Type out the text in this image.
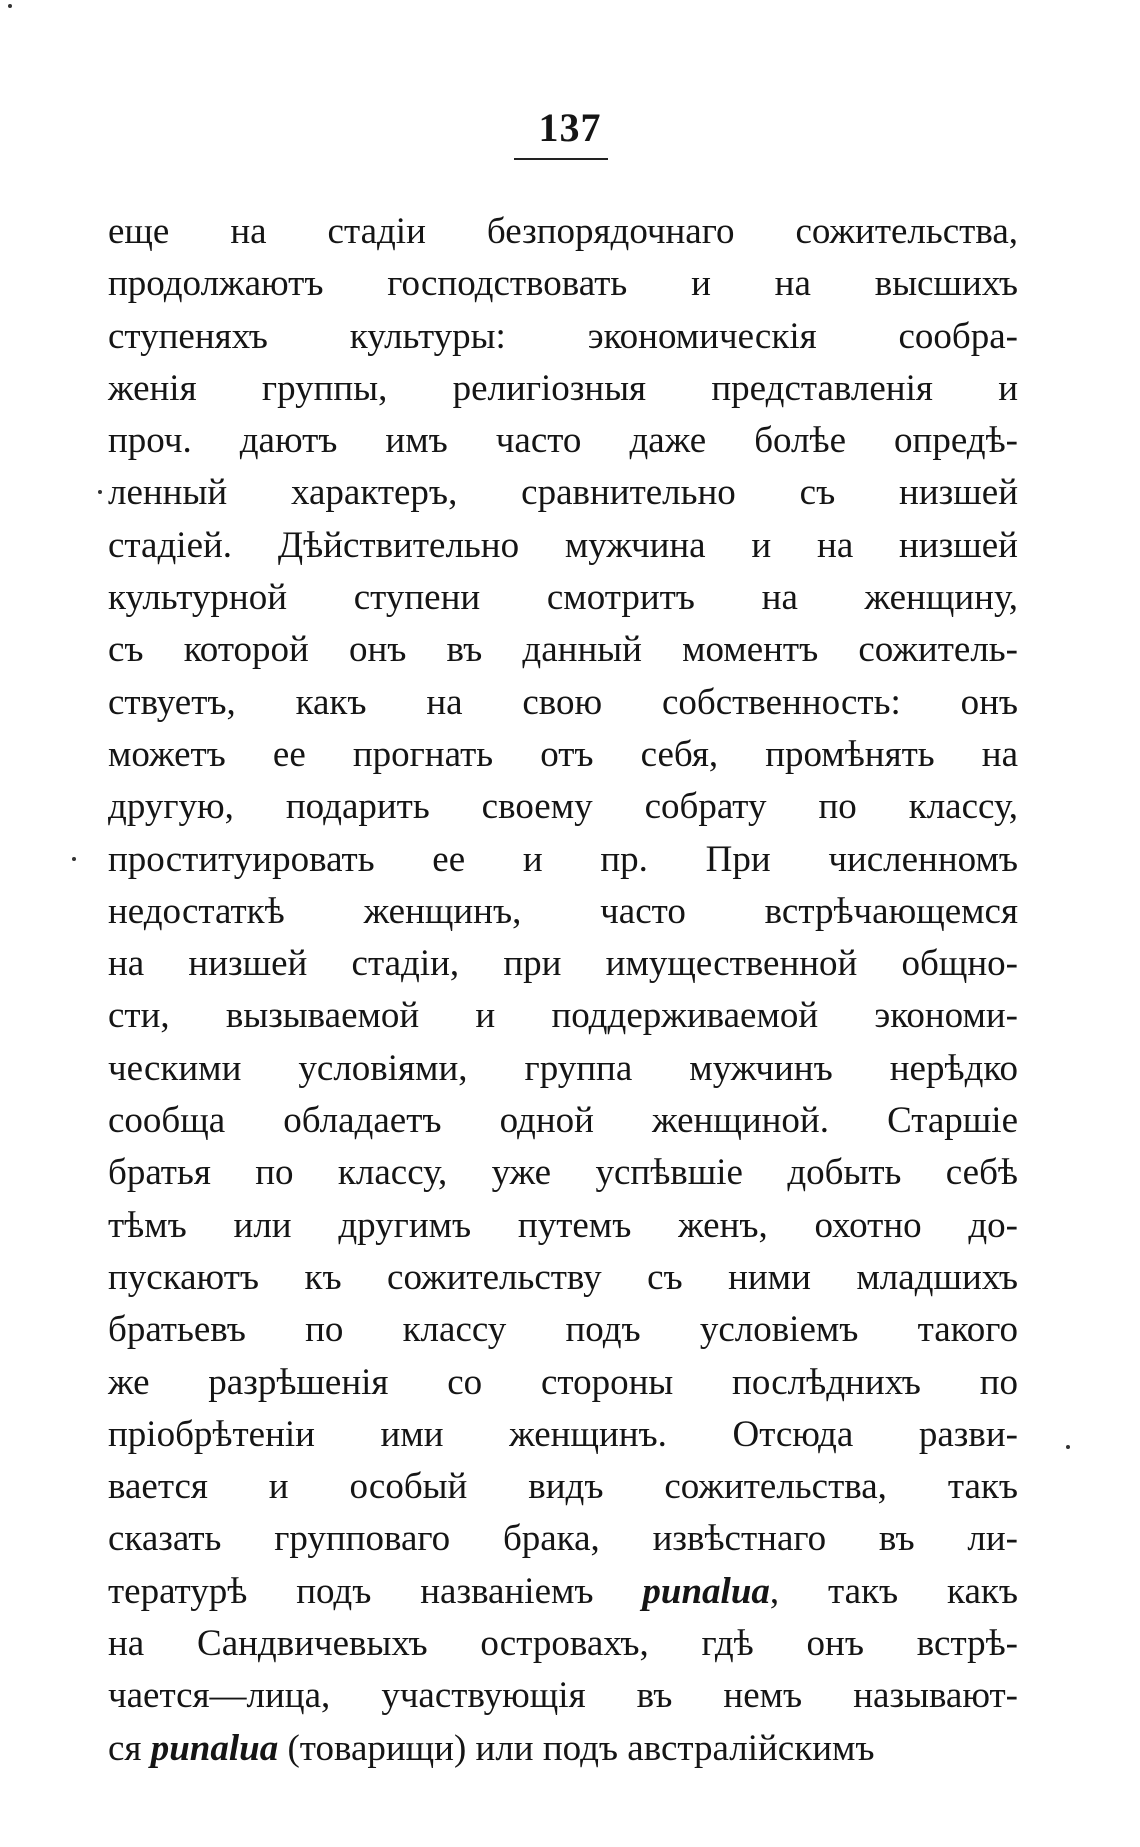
137
еще на стадiи безпорядочнаго сожительства,
продолжаютъ господствовать и на высшихъ
ступеняхъ культуры: экономическiя сообра-
женiя группы, религiозныя представленiя и
проч. даютъ имъ часто даже болѣе опредѣ-
ленный характеръ, сравнительно съ низшей
стадiей. Дѣйствительно мужчина и на низшей
культурной ступени смотритъ на женщину,
съ которой онъ въ данный моментъ сожитель-
ствуетъ, какъ на свою собственность: онъ
можетъ ее прогнать отъ себя, промѣнять на
другую, подарить своему собрату по классу,
проституировать ее и пр. При численномъ
недостаткѣ женщинъ, часто встрѣчающемся
на низшей стадiи, при имущественной общно-
сти, вызываемой и поддерживаемой экономи-
ческими условiями, группа мужчинъ нерѣдко
сообща обладаетъ одной женщиной. Старшiе
братья по классу, уже успѣвшiе добыть себѣ
тѣмъ или другимъ путемъ женъ, охотно до-
пускаютъ къ сожительству съ ними младшихъ
братьевъ по классу подъ условiемъ такого
же разрѣшенiя со стороны послѣднихъ по
прiобрѣтенiи ими женщинъ. Отсюда разви-
вается и особый видъ сожительства, такъ
сказать групповаго брака, извѣстнаго въ ли-
тературѣ подъ названiемъ punalua, такъ какъ
на Сандвичевыхъ островахъ, гдѣ онъ встрѣ-
чается—лица, участвующiя въ немъ называют-
ся punalua (товарищи) или подъ австралiйскимъ
